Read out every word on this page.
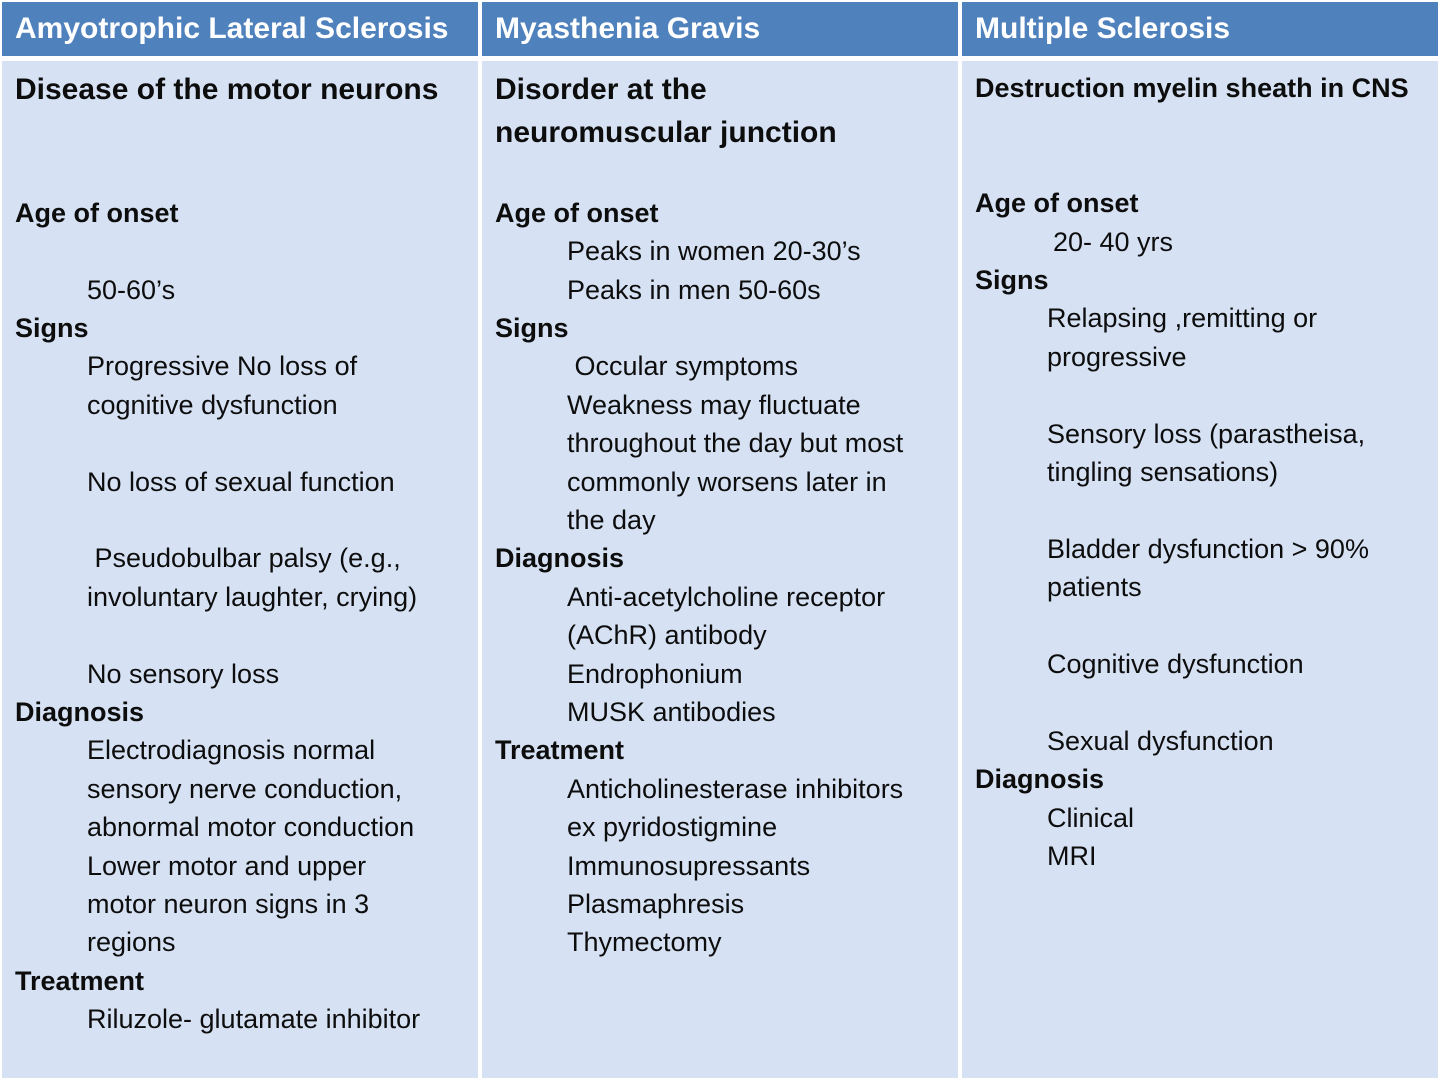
Amyotrophic Lateral Sclerosis
Disease of the motor neurons
Age of onset
50-60’s
Signs
Progressive No loss of
cognitive dysfunction
No loss of sexual function
Pseudobulbar palsy (e.g.,
involuntary laughter, crying)
No sensory loss
Diagnosis
Electrodiagnosis normal
sensory nerve conduction,
abnormal motor conduction
Lower motor and upper
motor neuron signs in 3
regions
Treatment
Riluzole- glutamate inhibitor
Myasthenia Gravis
Disorder at the
neuromuscular junction
Age of onset
Peaks in women 20-30’s
Peaks in men 50-60s
Signs
Occular symptoms
Weakness may fluctuate
throughout the day but most
commonly worsens later in
the day
Diagnosis
Anti-acetylcholine receptor
(AChR) antibody
Endrophonium
MUSK antibodies
Treatment
Anticholinesterase inhibitors
ex pyridostigmine
Immunosupressants
Plasmaphresis
Thymectomy
Multiple Sclerosis
Destruction myelin sheath in CNS
Age of onset
20- 40 yrs
Signs
Relapsing ,remitting or
progressive
Sensory loss (parastheisa,
tingling sensations)
Bladder dysfunction > 90%
patients
Cognitive dysfunction
Sexual dysfunction
Diagnosis
Clinical
MRI
